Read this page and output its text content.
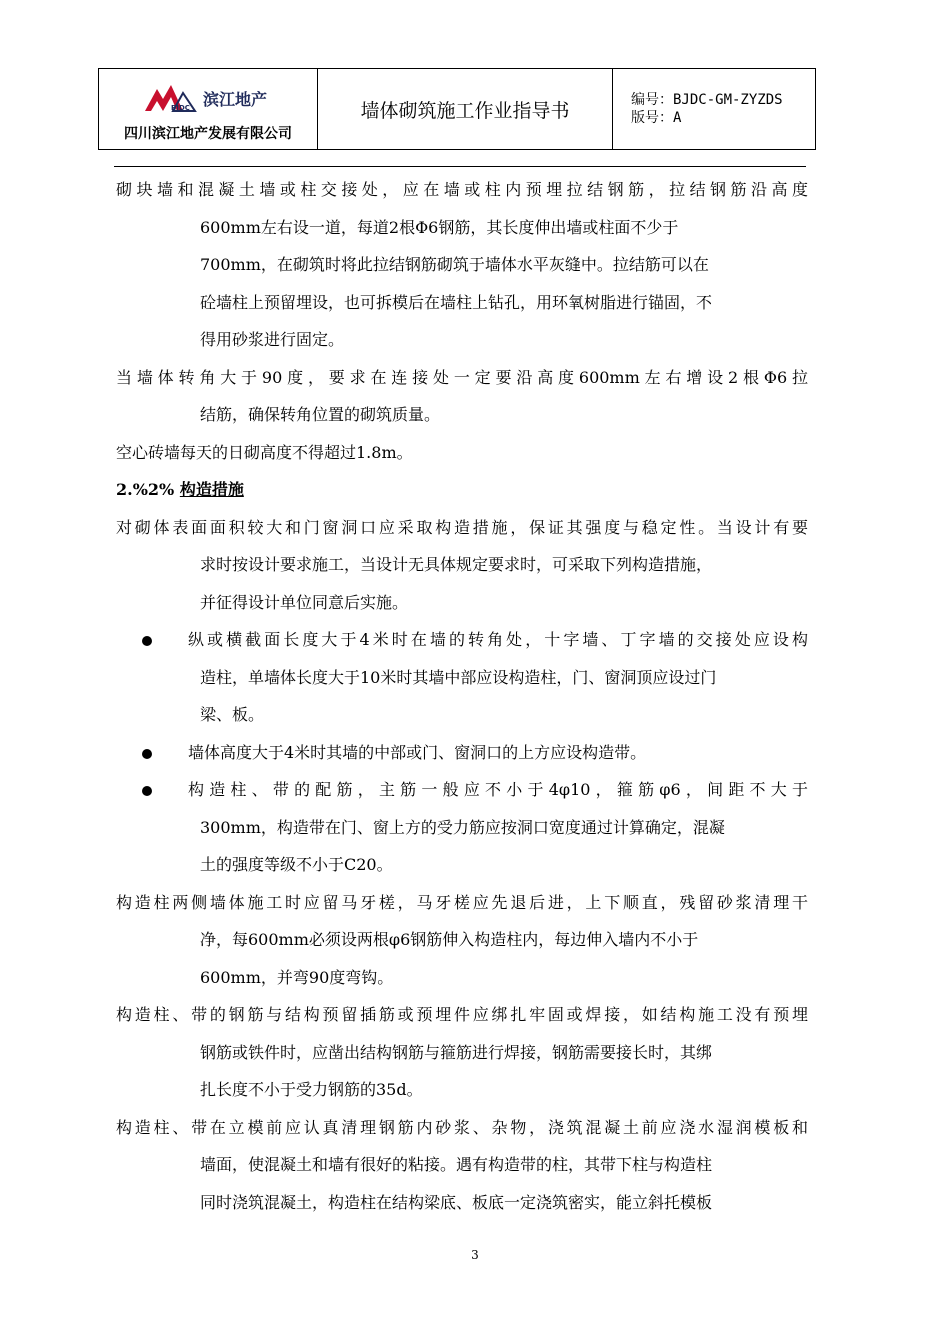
BJDC 滨江地产
四川滨江地产发展有限公司
墙体砌筑施工作业指导书	编号：BJDC-GM-ZYZDS
版号：A

砌块墙和混凝土墙或柱交接处，应在墙或柱内预埋拉结钢筋，拉结钢筋沿高度
600mm左右设一道，每道2根Φ6钢筋，其长度伸出墙或柱面不少于
700mm，在砌筑时将此拉结钢筋砌筑于墙体水平灰缝中。拉结筋可以在
砼墙柱上预留埋设，也可拆模后在墙柱上钻孔，用环氧树脂进行锚固，不
得用砂浆进行固定。

当墙体转角大于90度，要求在连接处一定要沿高度600mm左右增设2根Φ6拉
结筋，确保转角位置的砌筑质量。

空心砖墙每天的日砌高度不得超过1.8m。

2.%2% 构造措施

对砌体表面面积较大和门窗洞口应采取构造措施，保证其强度与稳定性。当设计有要
求时按设计要求施工，当设计无具体规定要求时，可采取下列构造措施，
并征得设计单位同意后实施。

纵或横截面长度大于4米时在墙的转角处，十字墙、丁字墙的交接处应设构
造柱，单墙体长度大于10米时其墙中部应设构造柱，门、窗洞顶应设过门
梁、板。

墙体高度大于4米时其墙的中部或门、窗洞口的上方应设构造带。

构造柱、带的配筋，主筋一般应不小于4φ10，箍筋φ6，间距不大于
300mm，构造带在门、窗上方的受力筋应按洞口宽度通过计算确定，混凝
土的强度等级不小于C20。

构造柱两侧墙体施工时应留马牙槎，马牙槎应先退后进，上下顺直，残留砂浆清理干
净，每600mm必须设两根φ6钢筋伸入构造柱内，每边伸入墙内不小于
600mm，并弯90度弯钩。

构造柱、带的钢筋与结构预留插筋或预埋件应绑扎牢固或焊接，如结构施工没有预埋
钢筋或铁件时，应凿出结构钢筋与箍筋进行焊接，钢筋需要接长时，其绑
扎长度不小于受力钢筋的35d。

构造柱、带在立模前应认真清理钢筋内砂浆、杂物，浇筑混凝土前应浇水湿润模板和
墙面，使混凝土和墙有很好的粘接。遇有构造带的柱，其带下柱与构造柱
同时浇筑混凝土，构造柱在结构梁底、板底一定浇筑密实，能立斜托模板

3
